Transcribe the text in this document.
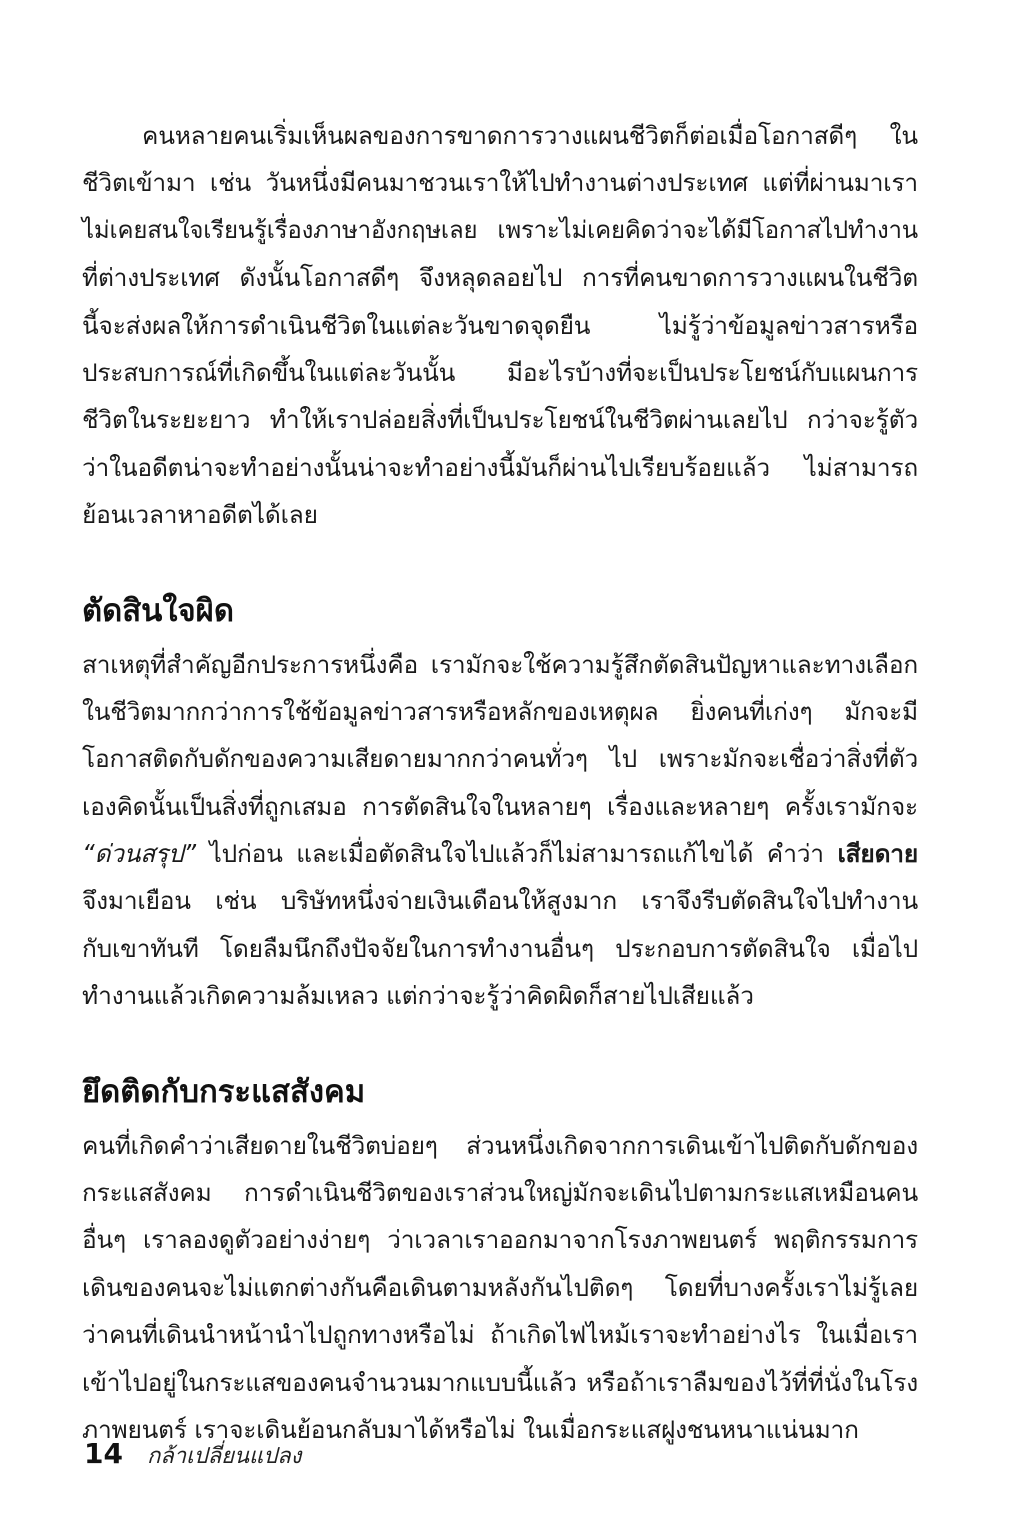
คนหลายคนเริ่มเห็นผลของการขาดการวางแผนชีวิตก็ต่อเมื่อโอกาสดีๆ ใน
ชีวิตเข้ามา เช่น วันหนึ่งมีคนมาชวนเราให้ไปทำงานต่างประเทศ แต่ที่ผ่านมาเรา
ไม่เคยสนใจเรียนรู้เรื่องภาษาอังกฤษเลย เพราะไม่เคยคิดว่าจะได้มีโอกาสไปทำงาน
ที่ต่างประเทศ ดังนั้นโอกาสดีๆ จึงหลุดลอยไป การที่คนขาดการวางแผนในชีวิต
นี้จะส่งผลให้การดำเนินชีวิตในแต่ละวันขาดจุดยืน ไม่รู้ว่าข้อมูลข่าวสารหรือ
ประสบการณ์ที่เกิดขึ้นในแต่ละวันนั้น มีอะไรบ้างที่จะเป็นประโยชน์กับแผนการ
ชีวิตในระยะยาว ทำให้เราปล่อยสิ่งที่เป็นประโยชน์ในชีวิตผ่านเลยไป กว่าจะรู้ตัว
ว่าในอดีตน่าจะทำอย่างนั้นน่าจะทำอย่างนี้มันก็ผ่านไปเรียบร้อยแล้ว ไม่สามารถ
ย้อนเวลาหาอดีตได้เลย
ตัดสินใจผิด
สาเหตุที่สำคัญอีกประการหนึ่งคือ เรามักจะใช้ความรู้สึกตัดสินปัญหาและทางเลือก
ในชีวิตมากกว่าการใช้ข้อมูลข่าวสารหรือหลักของเหตุผล ยิ่งคนที่เก่งๆ มักจะมี
โอกาสติดกับดักของความเสียดายมากกว่าคนทั่วๆ ไป เพราะมักจะเชื่อว่าสิ่งที่ตัว
เองคิดนั้นเป็นสิ่งที่ถูกเสมอ การตัดสินใจในหลายๆ เรื่องและหลายๆ ครั้งเรามักจะ
“ด่วนสรุป” ไปก่อน และเมื่อตัดสินใจไปแล้วก็ไม่สามารถแก้ไขได้ คำว่า เสียดาย
จึงมาเยือน เช่น บริษัทหนึ่งจ่ายเงินเดือนให้สูงมาก เราจึงรีบตัดสินใจไปทำงาน
กับเขาทันที โดยลืมนึกถึงปัจจัยในการทำงานอื่นๆ ประกอบการตัดสินใจ เมื่อไป
ทำงานแล้วเกิดความล้มเหลว แต่กว่าจะรู้ว่าคิดผิดก็สายไปเสียแล้ว
ยึดติดกับกระแสสังคม
คนที่เกิดคำว่าเสียดายในชีวิตบ่อยๆ ส่วนหนึ่งเกิดจากการเดินเข้าไปติดกับดักของ
กระแสสังคม การดำเนินชีวิตของเราส่วนใหญ่มักจะเดินไปตามกระแสเหมือนคน
อื่นๆ เราลองดูตัวอย่างง่ายๆ ว่าเวลาเราออกมาจากโรงภาพยนตร์ พฤติกรรมการ
เดินของคนจะไม่แตกต่างกันคือเดินตามหลังกันไปติดๆ โดยที่บางครั้งเราไม่รู้เลย
ว่าคนที่เดินนำหน้านำไปถูกทางหรือไม่ ถ้าเกิดไฟไหม้เราจะทำอย่างไร ในเมื่อเรา
เข้าไปอยู่ในกระแสของคนจำนวนมากแบบนี้แล้ว หรือถ้าเราลืมของไว้ที่ที่นั่งในโรง
ภาพยนตร์ เราจะเดินย้อนกลับมาได้หรือไม่ ในเมื่อกระแสฝูงชนหนาแน่นมาก
14 กล้าเปลี่ยนแปลง
